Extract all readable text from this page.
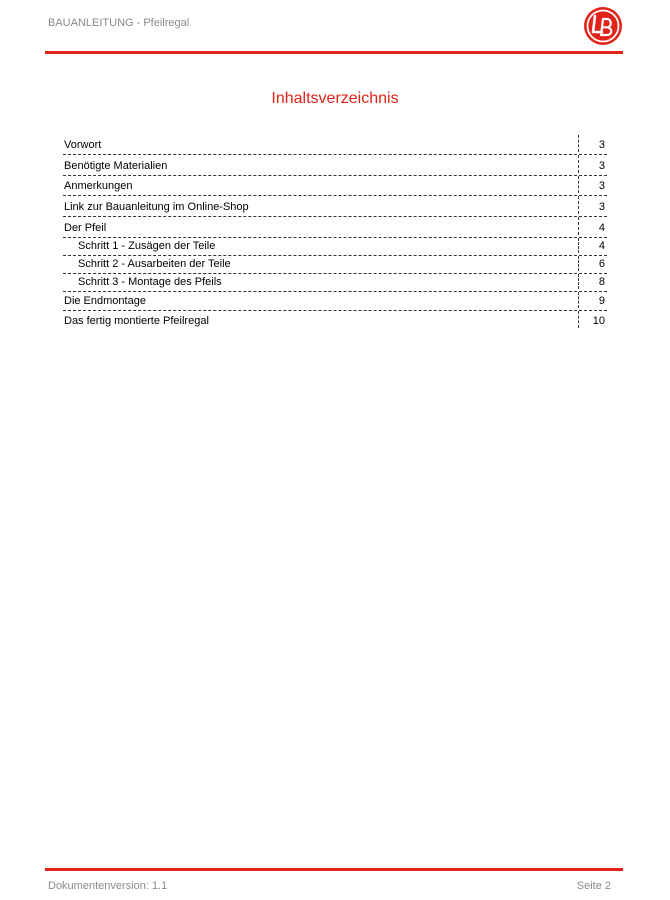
BAUANLEITUNG - Pfeilregal
Inhaltsverzeichnis
Vorwort	3
Benötigte Materialien	3
Anmerkungen	3
Link zur Bauanleitung im Online-Shop	3
Der Pfeil	4
Schritt 1 - Zusägen der Teile	4
Schritt 2 - Ausarbeiten der Teile	6
Schritt 3 - Montage des Pfeils	8
Die Endmontage	9
Das fertig montierte Pfeilregal	10
Dokumentenversion: 1.1	Seite 2
